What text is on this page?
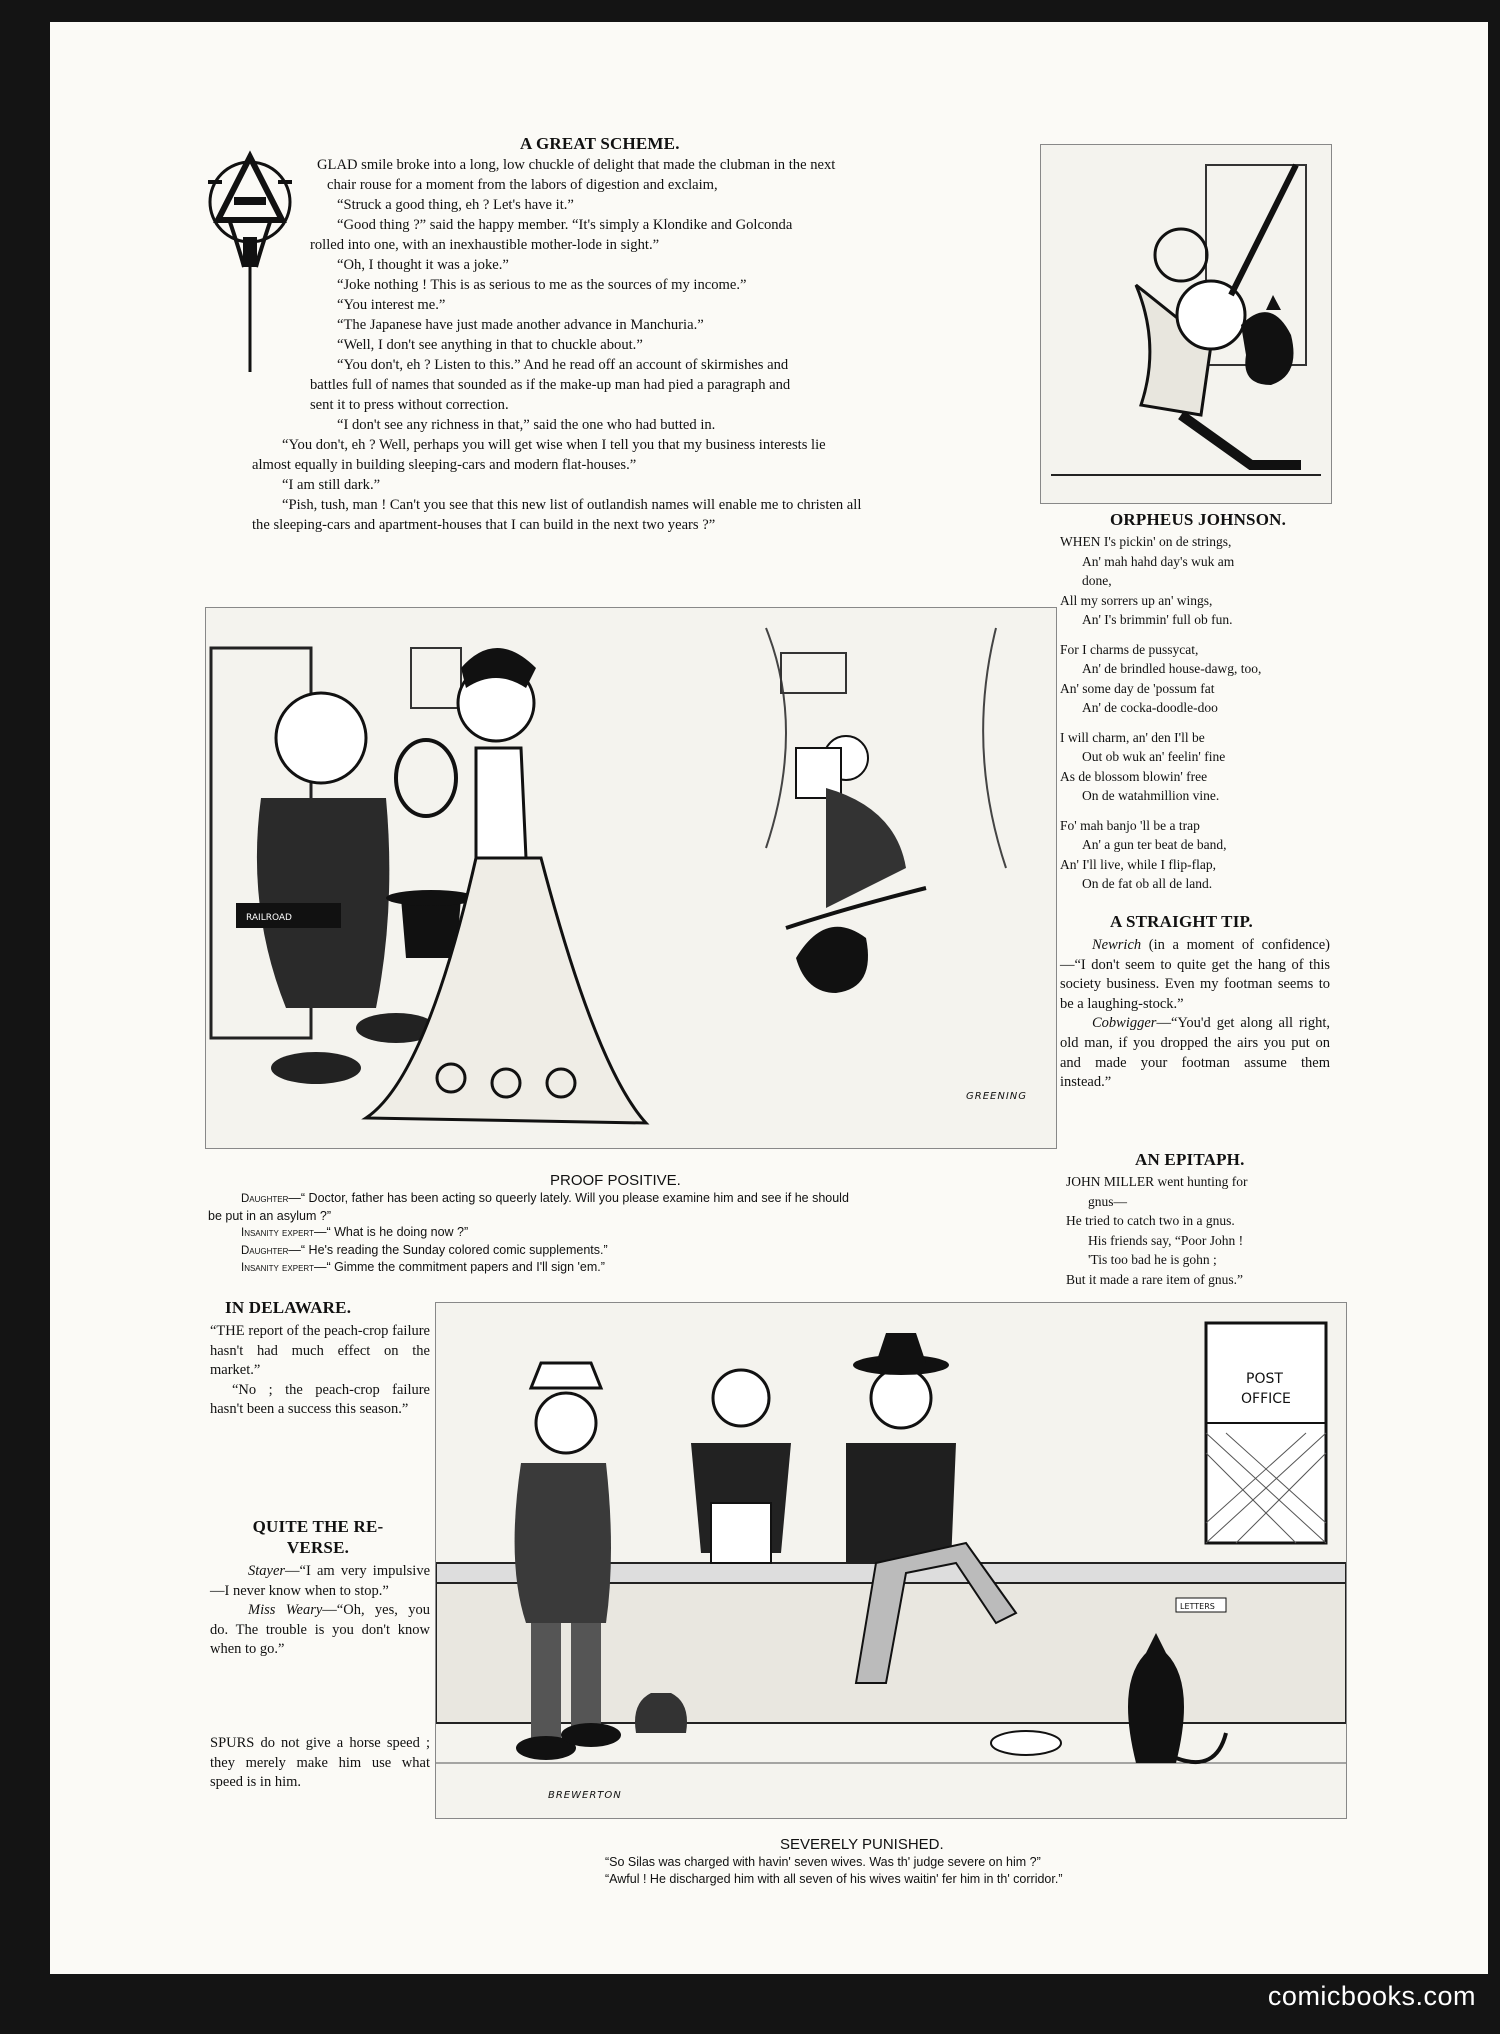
A GREAT SCHEME.
GLAD smile broke into a long, low chuckle of delight that made the clubman in the next
chair rouse for a moment from the labors of digestion and exclaim,
“Struck a good thing, eh ? Let's have it.”
“Good thing ?” said the happy member. “It's simply a Klondike and Golconda
rolled into one, with an inexhaustible mother-lode in sight.”
“Oh, I thought it was a joke.”
“Joke nothing ! This is as serious to me as the sources of my income.”
“You interest me.”
“The Japanese have just made another advance in Manchuria.”
“Well, I don't see anything in that to chuckle about.”
“You don't, eh ? Listen to this.” And he read off an account of skirmishes and
battles full of names that sounded as if the make-up man had pied a paragraph and
sent it to press without correction.
“I don't see any richness in that,” said the one who had butted in.
“You don't, eh ? Well, perhaps you will get wise when I tell you that my business interests lie
almost equally in building sleeping-cars and modern flat-houses.”
“I am still dark.”
“Pish, tush, man ! Can't you see that this new list of outlandish names will enable me to christen all
the sleeping-cars and apartment-houses that I can build in the next two years ?”	ORPHEUS JOHNSON.
WHEN I's pickin' on de strings,
An' mah hahd day's wuk am
done,
All my sorrers up an' wings,
An' I's brimmin' full ob fun.
For I charms de pussycat,
An' de brindled house-dawg, too,
An' some day de 'possum fat
An' de cocka-doodle-doo
I will charm, an' den I'll be
Out ob wuk an' feelin' fine
As de blossom blowin' free
On de watahmillion vine.
Fo' mah banjo 'll be a trap
An' a gun ter beat de band,
An' I'll live, while I flip-flap,
On de fat ob all de land.
A STRAIGHT TIP.

Newrich (in a moment of confidence) —“I don't seem to quite get the hang of this society business. Even my footman seems to be a laughing-stock.”

Cobwigger—“You'd get along all right, old man, if you dropped the airs you put on and made your footman assume them instead.”

AN EPITAPH.
JOHN MILLER went hunting for
gnus—
He tried to catch two in a gnus.
His friends say, “Poor John !
'Tis too bad he is gohn ;
But it made a rare item of gnus.”
RAILROAD
GREENING
PROOF POSITIVE.
Daughter—“ Doctor, father has been acting so queerly lately. Will you please examine him and see if he should
be put in an asylum ?”
Insanity expert—“ What is he doing now ?”
Daughter—“ He's reading the Sunday colored comic supplements.”
Insanity expert—“ Gimme the commitment papers and I'll sign 'em.”
IN DELAWARE.

“THE report of the peach-crop failure hasn't had much effect on the market.”

“No ; the peach-crop failure hasn't been a success this season.”

QUITE THE RE-VERSE.

Stayer—“I am very impulsive—I never know when to stop.”

Miss Weary—“Oh, yes, you do. The trouble is you don't know when to go.”

SPURS do not give a horse speed ; they merely make him use what speed is in him.
POST
OFFICE
LETTERS
BREWERTON
SEVERELY PUNISHED.
“So Silas was charged with havin' seven wives. Was th' judge severe on him ?”
“Awful ! He discharged him with all seven of his wives waitin' fer him in th' corridor.”
comicbooks.com
